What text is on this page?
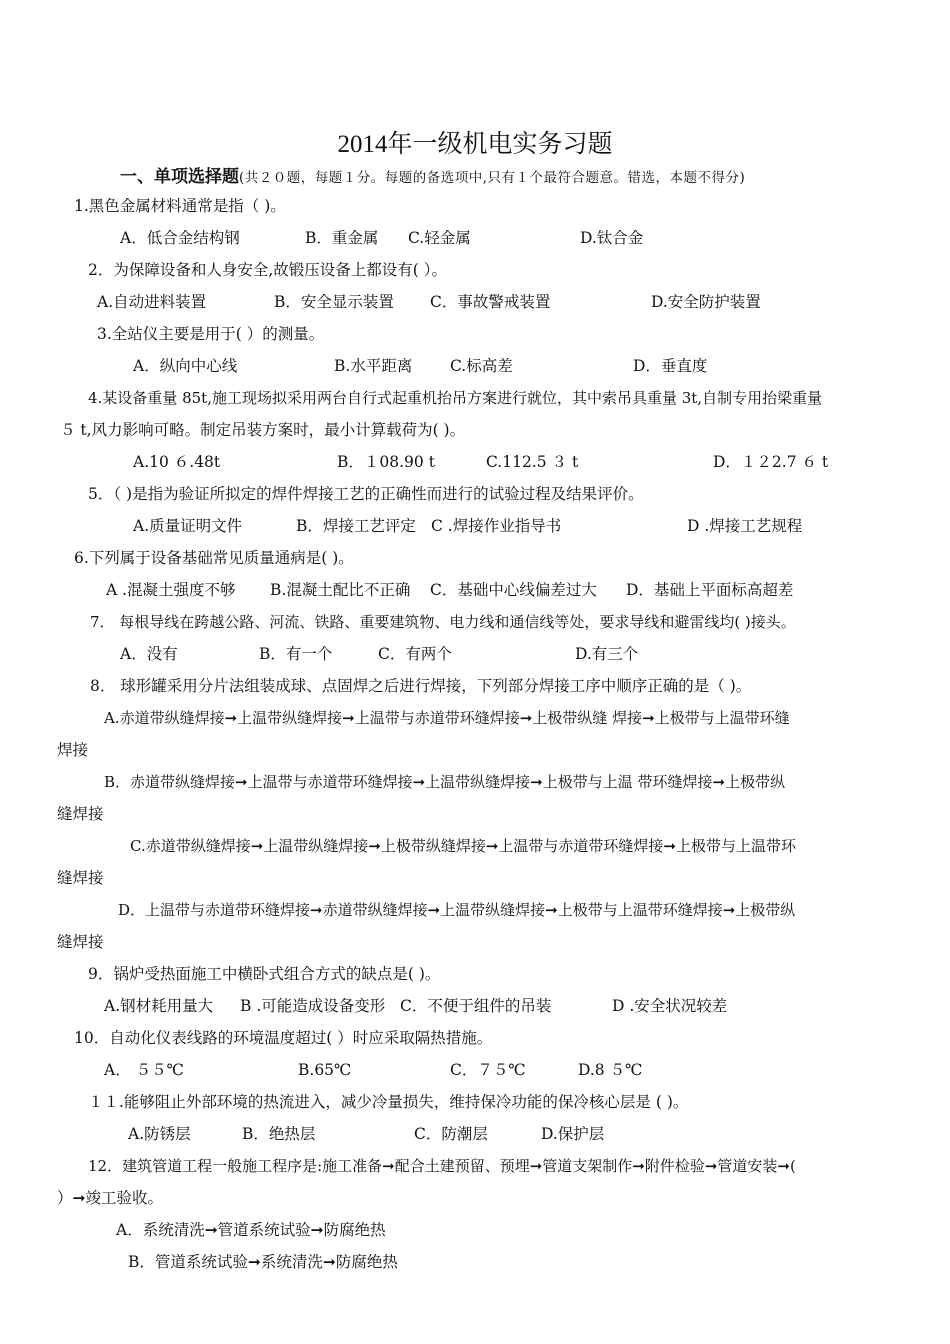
2014年一级机电实务习题
一、单项选择题(共２０题，每题１分。每题的备选项中,只有１个最符合题意。错选，本题不得分)
1.黑色金属材料通常是指（ )。
A．低合金结构钢	B．重金属 C.轻金属	D.钛合金
2．为保障设备和人身安全,故锻压设备上都设有( ）。
A.自动进料装置	B．安全显示装置 C．事故警戒装置	D.安全防护装置
3.全站仪主要是用于( ）的测量。
A．纵向中心线	B.水平距离 C.标高差	D．垂直度
4.某设备重量 85t,施工现场拟采用两台自行式起重机抬吊方案进行就位，其中索吊具重量 3t,自制专用抬梁重量
５ t,风力影响可略。制定吊装方案时，最小计算载荷为( )。
A.10 ６.48t	B．１08.90 t	C.112.5 ３ t	D．１２2.7 ６ t
5．（ )是指为验证所拟定的焊件焊接工艺的正确性而进行的试验过程及结果评价。
A.质量证明文件	B．焊接工艺评定 C .焊接作业指导书	D .焊接工艺规程
6.下列属于设备基础常见质量通病是( )。
A .混凝土强度不够 B.混凝土配比不正确 C．基础中心线偏差过大 D．基础上平面标高超差
7． 每根导线在跨越公路、河流、铁路、重要建筑物、电力线和通信线等处，要求导线和避雷线均( )接头。
A．没有	B．有一个	C．有两个	D.有三个
8． 球形罐采用分片法组装成球、点固焊之后进行焊接，下列部分焊接工序中顺序正确的是（ )。
A.赤道带纵缝焊接➞上温带纵缝焊接➞上温带与赤道带环缝焊接➞上极带纵缝 焊接➞上极带与上温带环缝
焊接
B．赤道带纵缝焊接➞上温带与赤道带环缝焊接➞上温带纵缝焊接➞上极带与上温 带环缝焊接➞上极带纵
缝焊接
C.赤道带纵缝焊接➞上温带纵缝焊接➞上极带纵缝焊接➞上温带与赤道带环缝焊接➞上极带与上温带环
缝焊接
D．上温带与赤道带环缝焊接➞赤道带纵缝焊接➞上温带纵缝焊接➞上极带与上温带环缝焊接➞上极带纵
缝焊接
9．锅炉受热面施工中横卧式组合方式的缺点是( )。
A.钢材耗用量大 B .可能造成设备变形 C．不便于组件的吊装	D .安全状况较差
10．自动化仪表线路的环境温度超过( ）时应采取隔热措施。
A． ５５℃	B.65℃	C．７５℃	D.8 ５℃
１１.能够阻止外部环境的热流进入，减少冷量损失，维持保冷功能的保冷核心层是 ( )。
A.防锈层	B．绝热层	C．防潮层	D.保护层
12．建筑管道工程一般施工程序是:施工准备➞配合土建预留、预埋➞管道支架制作➞附件检验➞管道安装➞(
）➞竣工验收。
A．系统清洗➞管道系统试验➞防腐绝热
B．管道系统试验➞系统清洗➞防腐绝热
